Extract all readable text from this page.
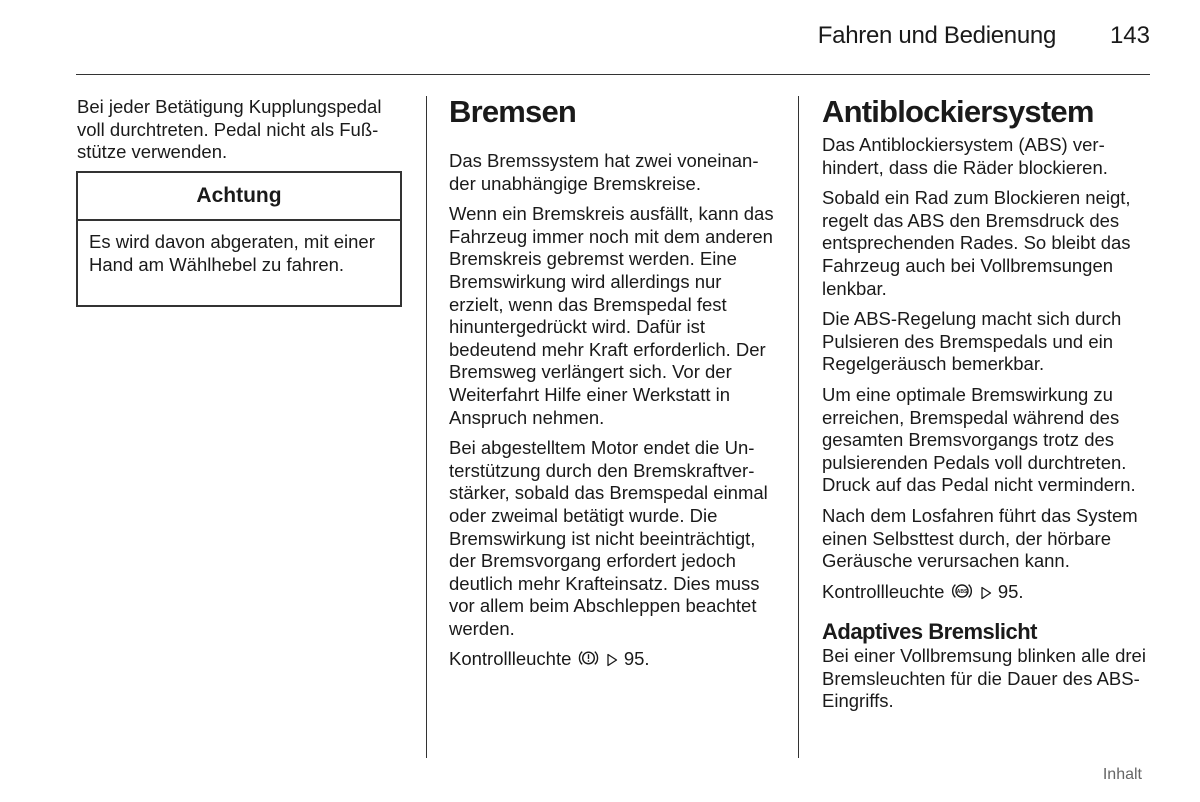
Fahren und Bedienung	143

Bei jeder Betätigung Kupplungspedal voll durchtreten. Pedal nicht als Fußstütze verwenden.

Achtung
Es wird davon abgeraten, mit einer Hand am Wählhebel zu fahren.
Bremsen

Das Bremssystem hat zwei voneinander unabhängige Bremskreise.

Wenn ein Bremskreis ausfällt, kann das Fahrzeug immer noch mit dem anderen Bremskreis gebremst werden. Eine Bremswirkung wird allerdings nur erzielt, wenn das Bremspedal fest hinuntergedrückt wird. Dafür ist bedeutend mehr Kraft erforderlich. Der Bremsweg verlängert sich. Vor der Weiterfahrt Hilfe einer Werkstatt in Anspruch nehmen.

Bei abgestelltem Motor endet die Unterstützung durch den Bremskraftverstärker, sobald das Bremspedal einmal oder zweimal betätigt wurde. Die Bremswirkung ist nicht beeinträchtigt, der Bremsvorgang erfordert jedoch deutlich mehr Krafteinsatz. Dies muss vor allem beim Abschleppen beachtet werden.

Kontrollleuchte	95.

Antiblockiersystem

Das Antiblockiersystem (ABS) verhindert, dass die Räder blockieren.

Sobald ein Rad zum Blockieren neigt, regelt das ABS den Bremsdruck des entsprechenden Rades. So bleibt das Fahrzeug auch bei Vollbremsungen lenkbar.

Die ABS-Regelung macht sich durch Pulsieren des Bremspedals und ein Regelgeräusch bemerkbar.

Um eine optimale Bremswirkung zu erreichen, Bremspedal während des gesamten Bremsvorgangs trotz des pulsierenden Pedals voll durchtreten. Druck auf das Pedal nicht vermindern.

Nach dem Losfahren führt das System einen Selbsttest durch, der hörbare Geräusche verursachen kann.

Kontrollleuchte ABS 95.

Adaptives Bremslicht

Bei einer Vollbremsung blinken alle drei Bremsleuchten für die Dauer des ABS-Eingriffs.

Inhalt
